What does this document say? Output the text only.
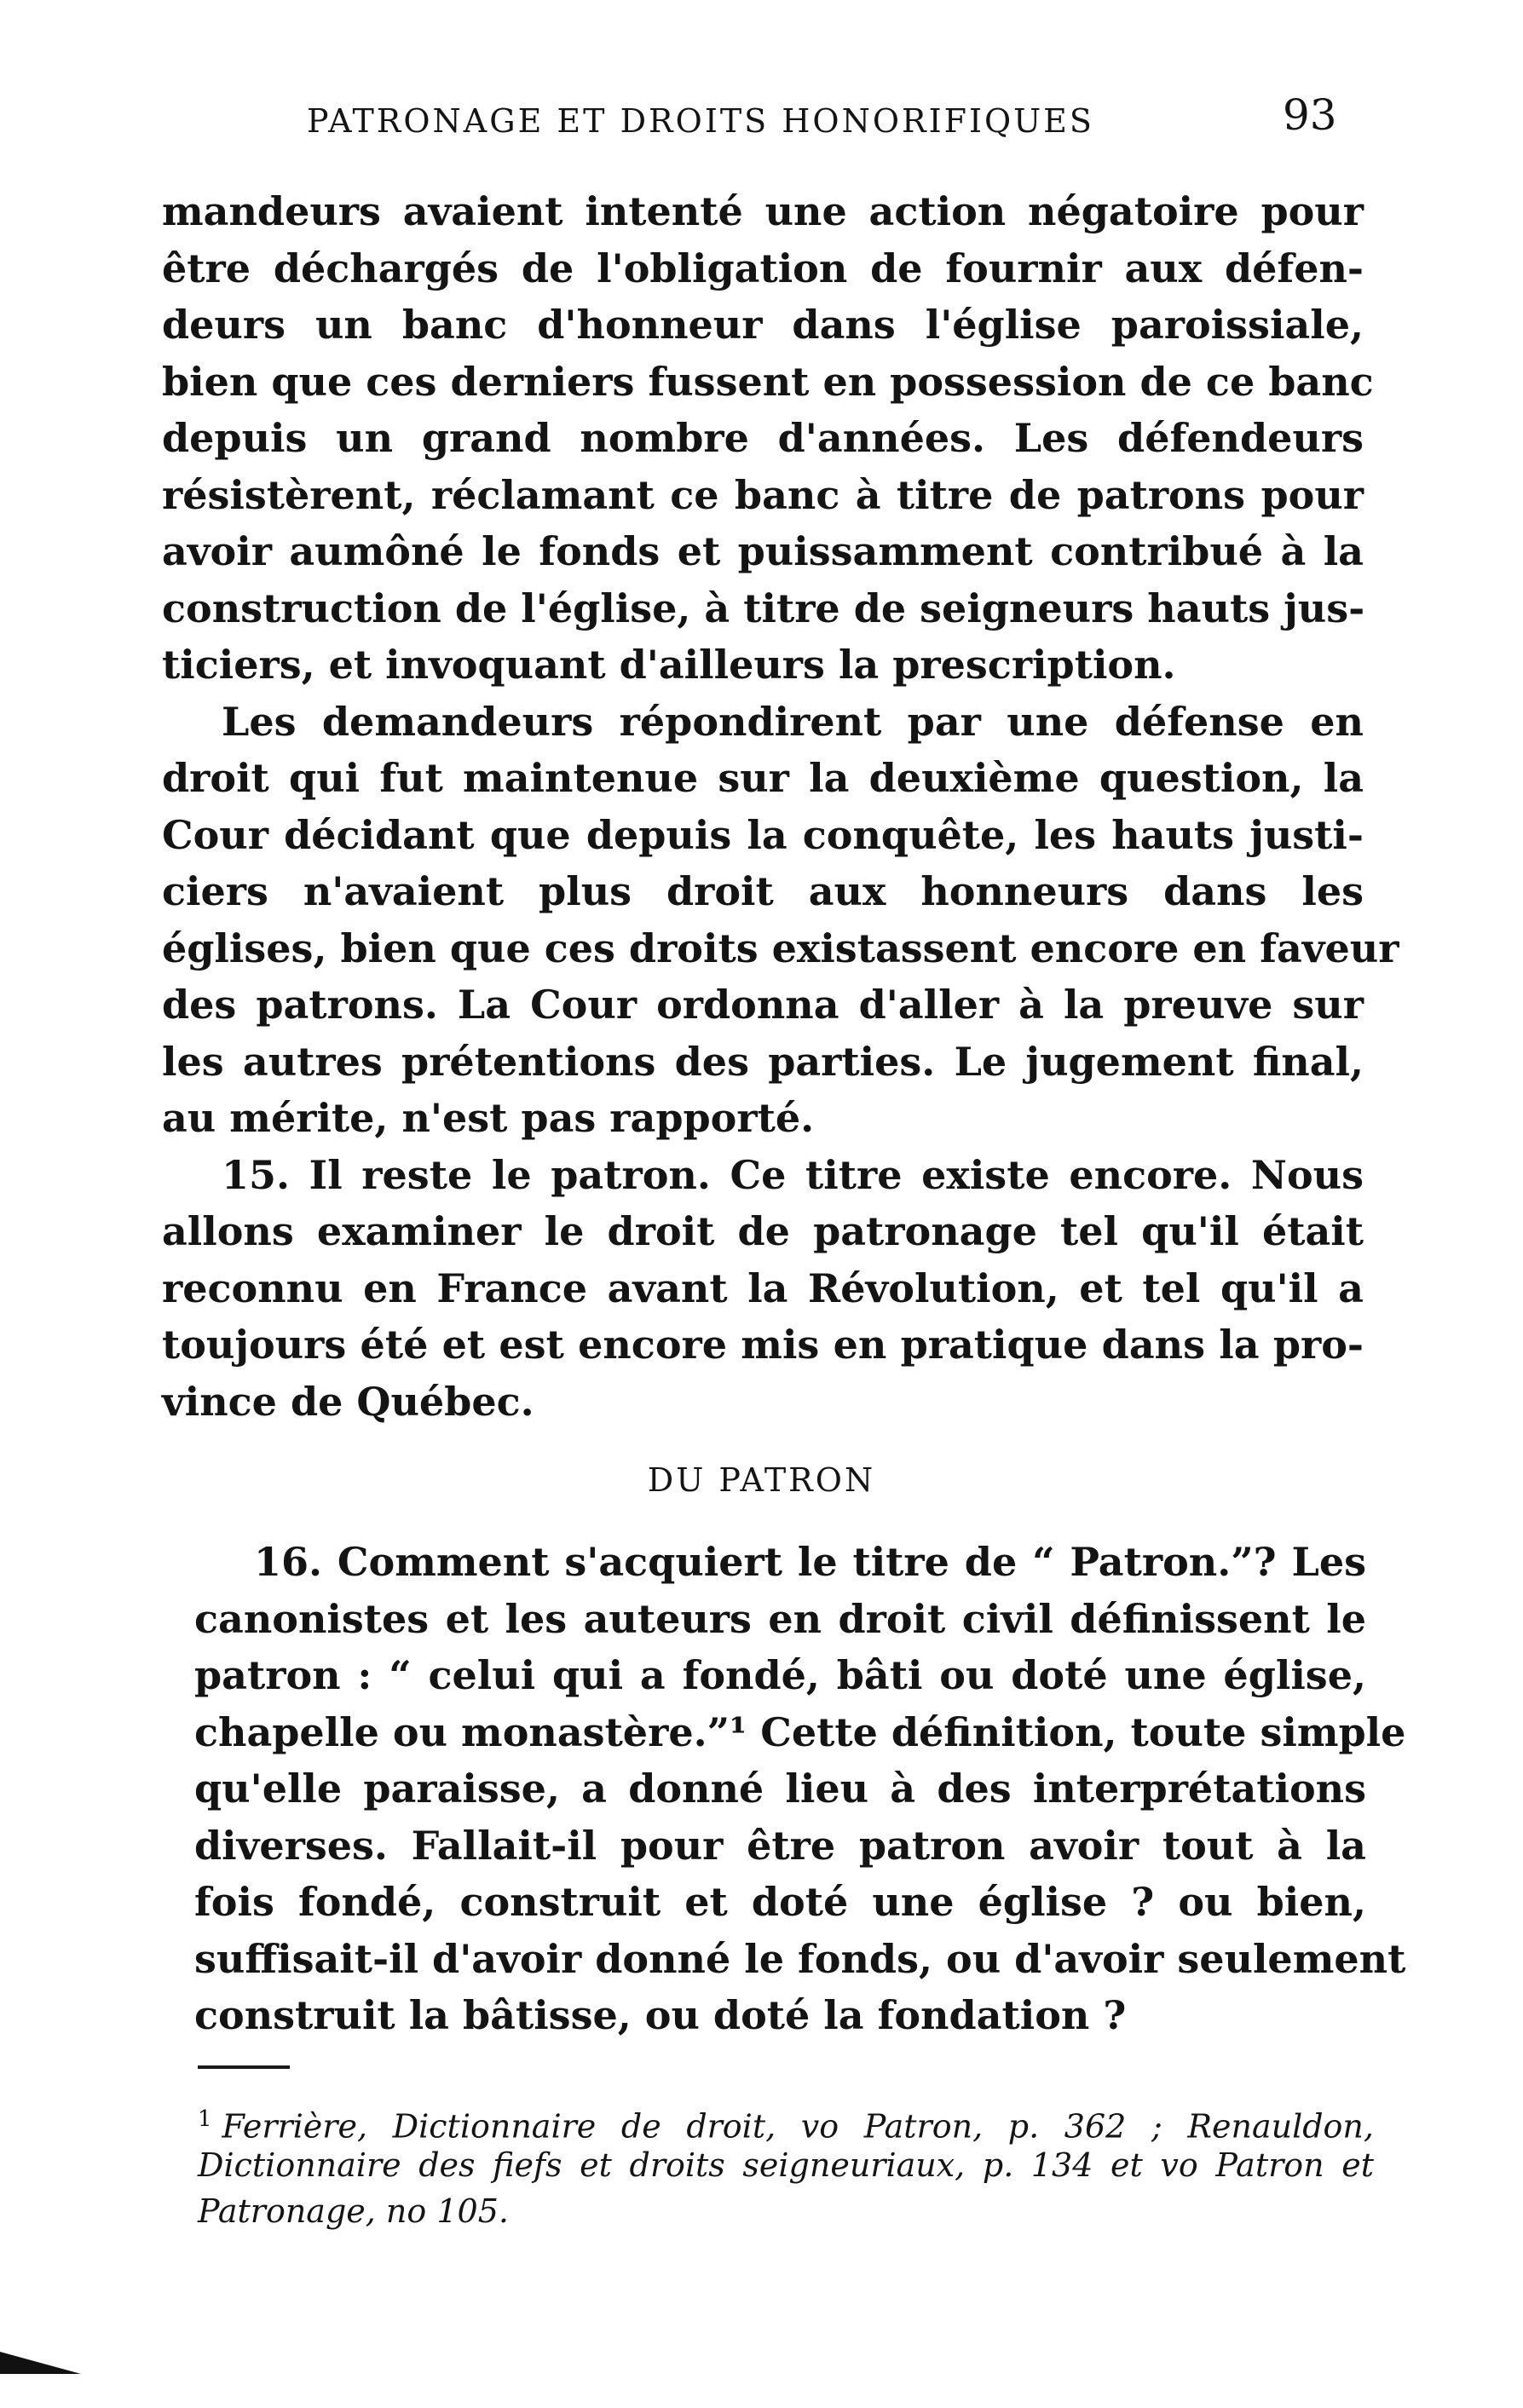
PATRONAGE ET DROITS HONORIFIQUES	93
mandeurs avaient intenté une action négatoire pour
être déchargés de l'obligation de fournir aux défen-
deurs un banc d'honneur dans l'église paroissiale,
bien que ces derniers fussent en possession de ce banc
depuis un grand nombre d'années. Les défendeurs
résistèrent, réclamant ce banc à titre de patrons pour
avoir aumôné le fonds et puissamment contribué à la
construction de l'église, à titre de seigneurs hauts jus-
ticiers, et invoquant d'ailleurs la prescription.
Les demandeurs répondirent par une défense en
droit qui fut maintenue sur la deuxième question, la
Cour décidant que depuis la conquête, les hauts justi-
ciers n'avaient plus droit aux honneurs dans les
églises, bien que ces droits existassent encore en faveur
des patrons. La Cour ordonna d'aller à la preuve sur
les autres prétentions des parties. Le jugement final,
au mérite, n'est pas rapporté.
15. Il reste le patron. Ce titre existe encore. Nous
allons examiner le droit de patronage tel qu'il était
reconnu en France avant la Révolution, et tel qu'il a
toujours été et est encore mis en pratique dans la pro-
vince de Québec.
DU PATRON
16. Comment s'acquiert le titre de “ Patron.”? Les
canonistes et les auteurs en droit civil définissent le
patron : “ celui qui a fondé, bâti ou doté une église,
chapelle ou monastère.”¹ Cette définition, toute simple
qu'elle paraisse, a donné lieu à des interprétations
diverses. Fallait-il pour être patron avoir tout à la
fois fondé, construit et doté une église ? ou bien,
suffisait-il d'avoir donné le fonds, ou d'avoir seulement
construit la bâtisse, ou doté la fondation ?
$^1$ Ferrière, Dictionnaire de droit, vo Patron, p. 362 ; Renauldon,
Dictionnaire des fiefs et droits seigneuriaux, p. 134 et vo Patron et
Patronage, no 105.
